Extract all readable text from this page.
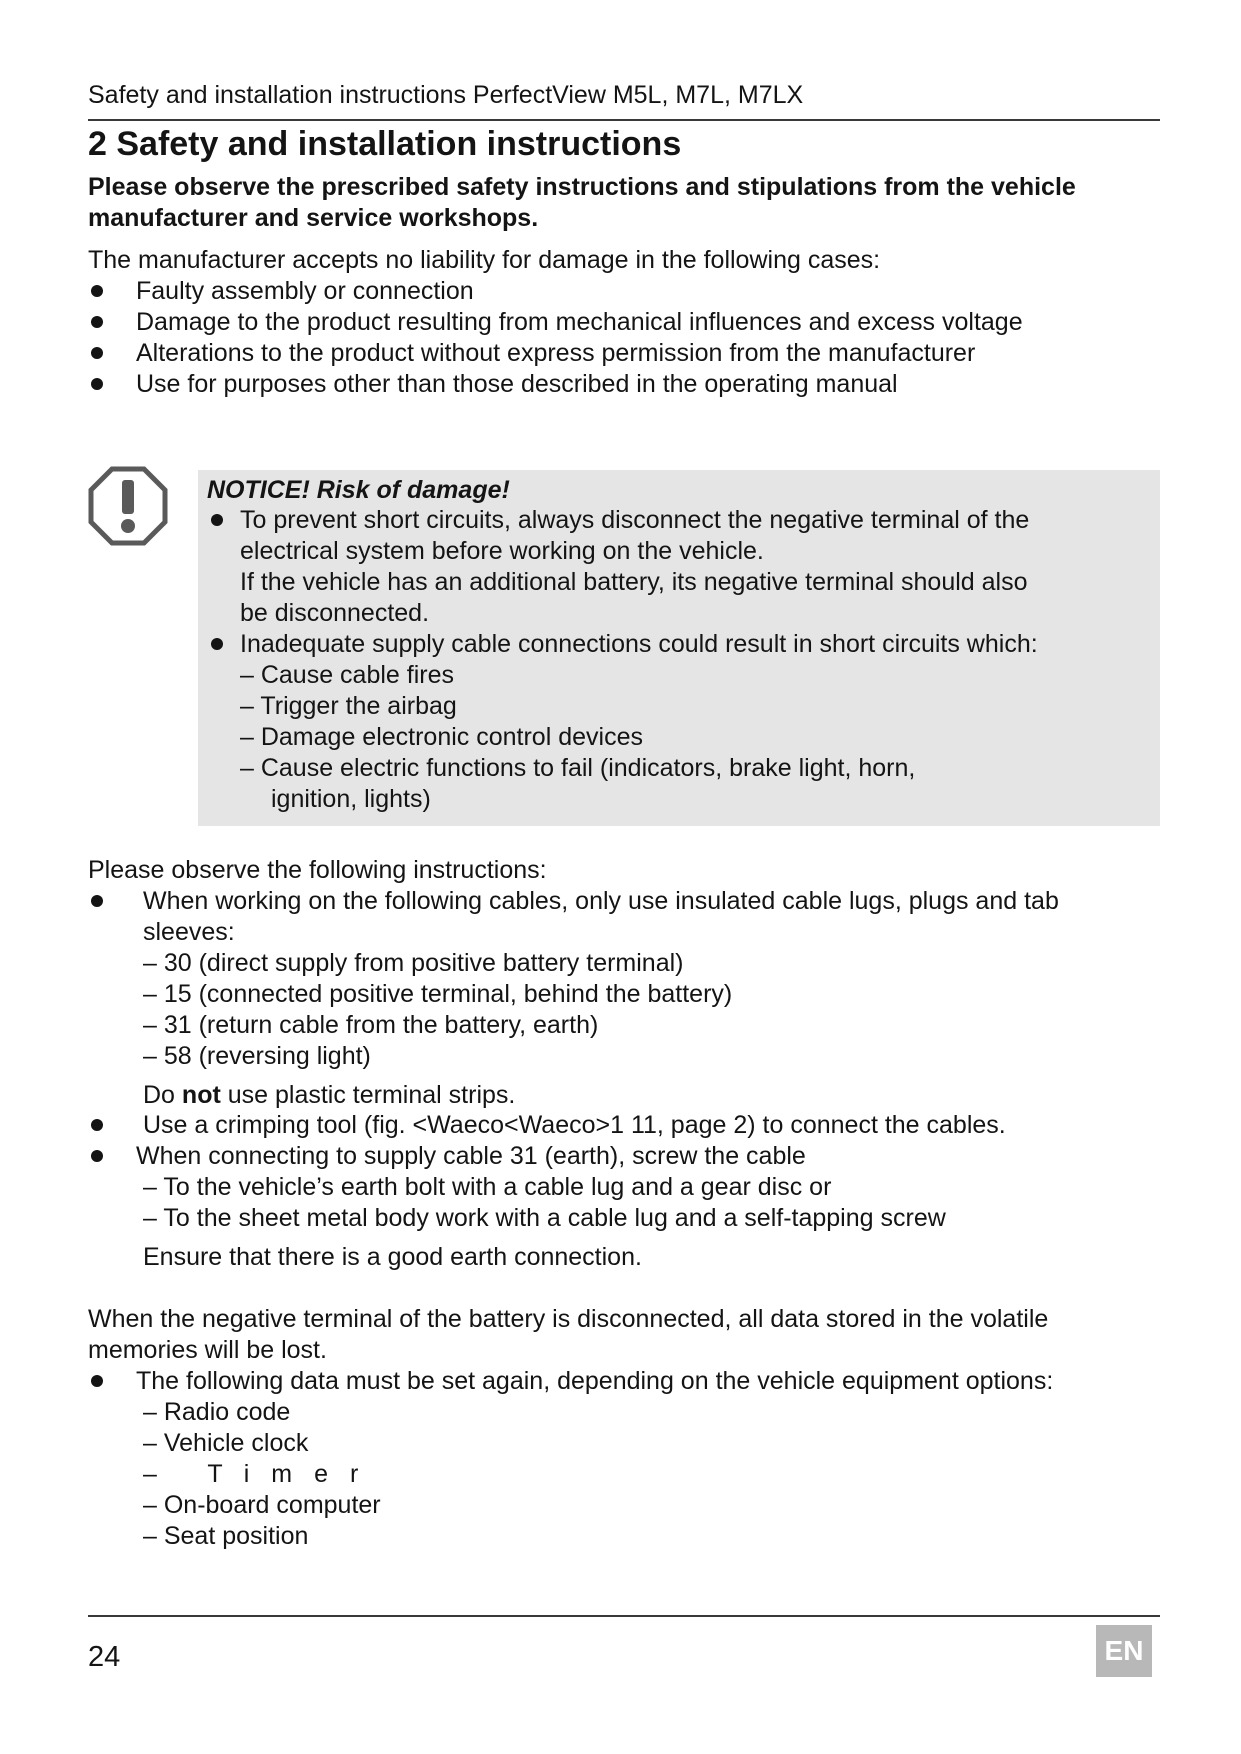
Safety and installation instructions PerfectView M5L, M7L, M7LX
2 Safety and installation instructions
Please observe the prescribed safety instructions and stipulations from the vehicle manufacturer and service workshops.
The manufacturer accepts no liability for damage in the following cases:
Faulty assembly or connection
Damage to the product resulting from mechanical influences and excess voltage
Alterations to the product without express permission from the manufacturer
Use for purposes other than those described in the operating manual
NOTICE! Risk of damage!
To prevent short circuits, always disconnect the negative terminal of the
electrical system before working on the vehicle.
If the vehicle has an additional battery, its negative terminal should also
be disconnected.
Inadequate supply cable connections could result in short circuits which:
– Cause cable fires
– Trigger the airbag
– Damage electronic control devices
– Cause electric functions to fail (indicators, brake light, horn,
ignition, lights)
Please observe the following instructions:
When working on the following cables, only use insulated cable lugs, plugs and tab
sleeves:
– 30 (direct supply from positive battery terminal)
– 15 (connected positive terminal, behind the battery)
– 31 (return cable from the battery, earth)
– 58 (reversing light)
Do not use plastic terminal strips.
Use a crimping tool (fig. <Waeco<Waeco>1 11, page 2) to connect the cables.
When connecting to supply cable 31 (earth), screw the cable
– To the vehicle’s earth bolt with a cable lug and a gear disc or
– To the sheet metal body work with a cable lug and a self-tapping screw
Ensure that there is a good earth connection.
When the negative terminal of the battery is disconnected, all data stored in the volatile
memories will be lost.
The following data must be set again, depending on the vehicle equipment options:
– Radio code
– Vehicle clock
– Timer
– On-board computer
– Seat position
24	EN
